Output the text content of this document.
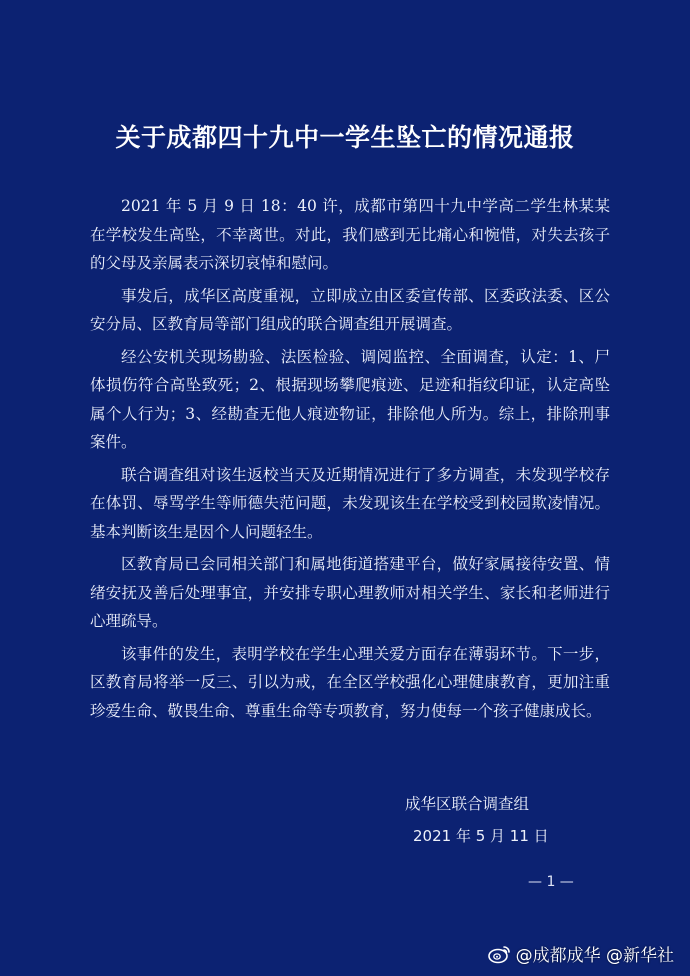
关于成都四十九中一学生坠亡的情况通报

2021 年 5 月 9 日 18：40 许，成都市第四十九中学高二学生林某某在学校发生高坠，不幸离世。对此，我们感到无比痛心和惋惜，对失去孩子的父母及亲属表示深切哀悼和慰问。

事发后，成华区高度重视，立即成立由区委宣传部、区委政法委、区公安分局、区教育局等部门组成的联合调查组开展调查。

经公安机关现场勘验、法医检验、调阅监控、全面调查，认定：1、尸体损伤符合高坠致死；2、根据现场攀爬痕迹、足迹和指纹印证，认定高坠属个人行为；3、经勘查无他人痕迹物证，排除他人所为。综上，排除刑事案件。

联合调查组对该生返校当天及近期情况进行了多方调查，未发现学校存在体罚、辱骂学生等师德失范问题，未发现该生在学校受到校园欺凌情况。基本判断该生是因个人问题轻生。

区教育局已会同相关部门和属地街道搭建平台，做好家属接待安置、情绪安抚及善后处理事宜，并安排专职心理教师对相关学生、家长和老师进行心理疏导。

该事件的发生，表明学校在学生心理关爱方面存在薄弱环节。下一步，区教育局将举一反三、引以为戒，在全区学校强化心理健康教育，更加注重珍爱生命、敬畏生命、尊重生命等专项教育，努力使每一个孩子健康成长。

成华区联合调查组
2021 年 5 月 11 日
— 1 —
@成都成华 @新华社
